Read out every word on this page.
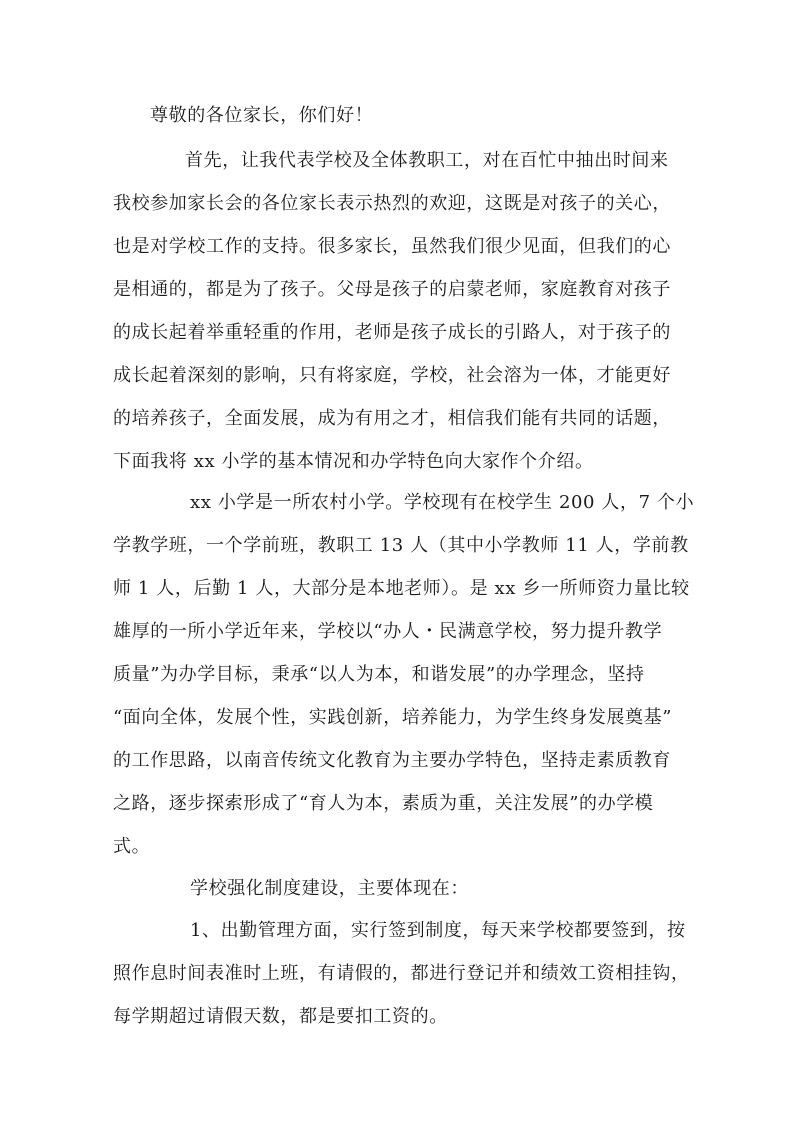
尊敬的各位家长，你们好！

首先，让我代表学校及全体教职工，对在百忙中抽出时间来

我校参加家长会的各位家长表示热烈的欢迎，这既是对孩子的关心，

也是对学校工作的支持。很多家长，虽然我们很少见面，但我们的心

是相通的，都是为了孩子。父母是孩子的启蒙老师，家庭教育对孩子

的成长起着举重轻重的作用，老师是孩子成长的引路人，对于孩子的

成长起着深刻的影响，只有将家庭，学校，社会溶为一体，才能更好

的培养孩子，全面发展，成为有用之才，相信我们能有共同的话题，

下面我将 xx 小学的基本情况和办学特色向大家作个介绍。

xx 小学是一所农村小学。学校现有在校学生 200 人，7 个小

学教学班，一个学前班，教职工 13 人（其中小学教师 11 人，学前教

师 1 人，后勤 1 人，大部分是本地老师）。是 xx 乡一所师资力量比较

雄厚的一所小学近年来，学校以“办人・民满意学校，努力提升教学

质量”为办学目标，秉承“以人为本，和谐发展”的办学理念，坚持

“面向全体，发展个性，实践创新，培养能力，为学生终身发展奠基”

的工作思路，以南音传统文化教育为主要办学特色，坚持走素质教育

之路，逐步探索形成了“育人为本，素质为重，关注发展”的办学模

式。

学校强化制度建设，主要体现在：

1、出勤管理方面，实行签到制度，每天来学校都要签到，按

照作息时间表准时上班，有请假的，都进行登记并和绩效工资相挂钩，

每学期超过请假天数，都是要扣工资的。
